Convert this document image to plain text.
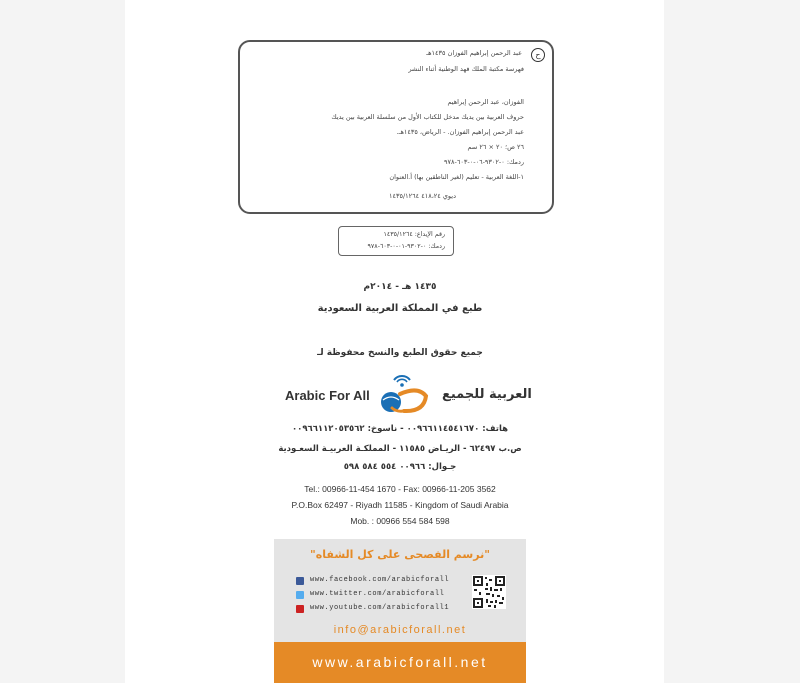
ح
عبد الرحمن إبراهيم الفوزان ١٤٣٥هـ
فهرسة مكتبة الملك فهد الوطنية أثناء النشر
الفوزان، عبد الرحمن إبراهيم
حروف العربية بين يديك مدخل للكتاب الأول من سلسلة العربية بين يديك
عبد الرحمن إبراهيم الفوزان. - الرياض، ١٤٣٥هـ.
٢٦ ص؛ ٢٠ × ٢٦ سم
ردمك: ٠-٩٣٠٢-٠٦-٠-٦٠٣-٩٧٨
١-اللغة العربية - تعليم (لغير الناطقين بها) أ.العنوان
ديوي ٤١٨،٢٤ ١٤٣٥/١٢٦٤
رقم الإيداع: ١٤٣٥/١٢٦٤
ردمك: ٠-٩٣٠٢-٠١-٠-٦٠٣-٩٧٨
١٤٣٥ هـ - ٢٠١٤م
طبع في المملكة العربية السعودية
جميع حقوق الطبع والنسخ محفوظة لـ
Arabic For All	العربية للجميع
هاتف: ٠٠٩٦٦١١٤٥٤١٦٧٠ - ناسوخ: ٠٠٩٦٦١١٢٠٥٣٥٦٢
ص.ب ٦٢٤٩٧ - الريـاض ١١٥٨٥ - المملكـة العربيـة السعـودية
جـوال: ٠٠٩٦٦ ٥٥٤ ٥٨٤ ٥٩٨
Tel.: 00966-11-454 1670 - Fax: 00966-11-205 3562
P.O.Box 62497 - Riyadh 11585 - Kingdom of Saudi Arabia
Mob. : 00966 554 584 598
"نرسم الفصحى على كل الشفاه"
www.facebook.com/arabicforall
www.twitter.com/arabicforall
www.youtube.com/arabicforall1
info@arabicforall.net
www.arabicforall.net
